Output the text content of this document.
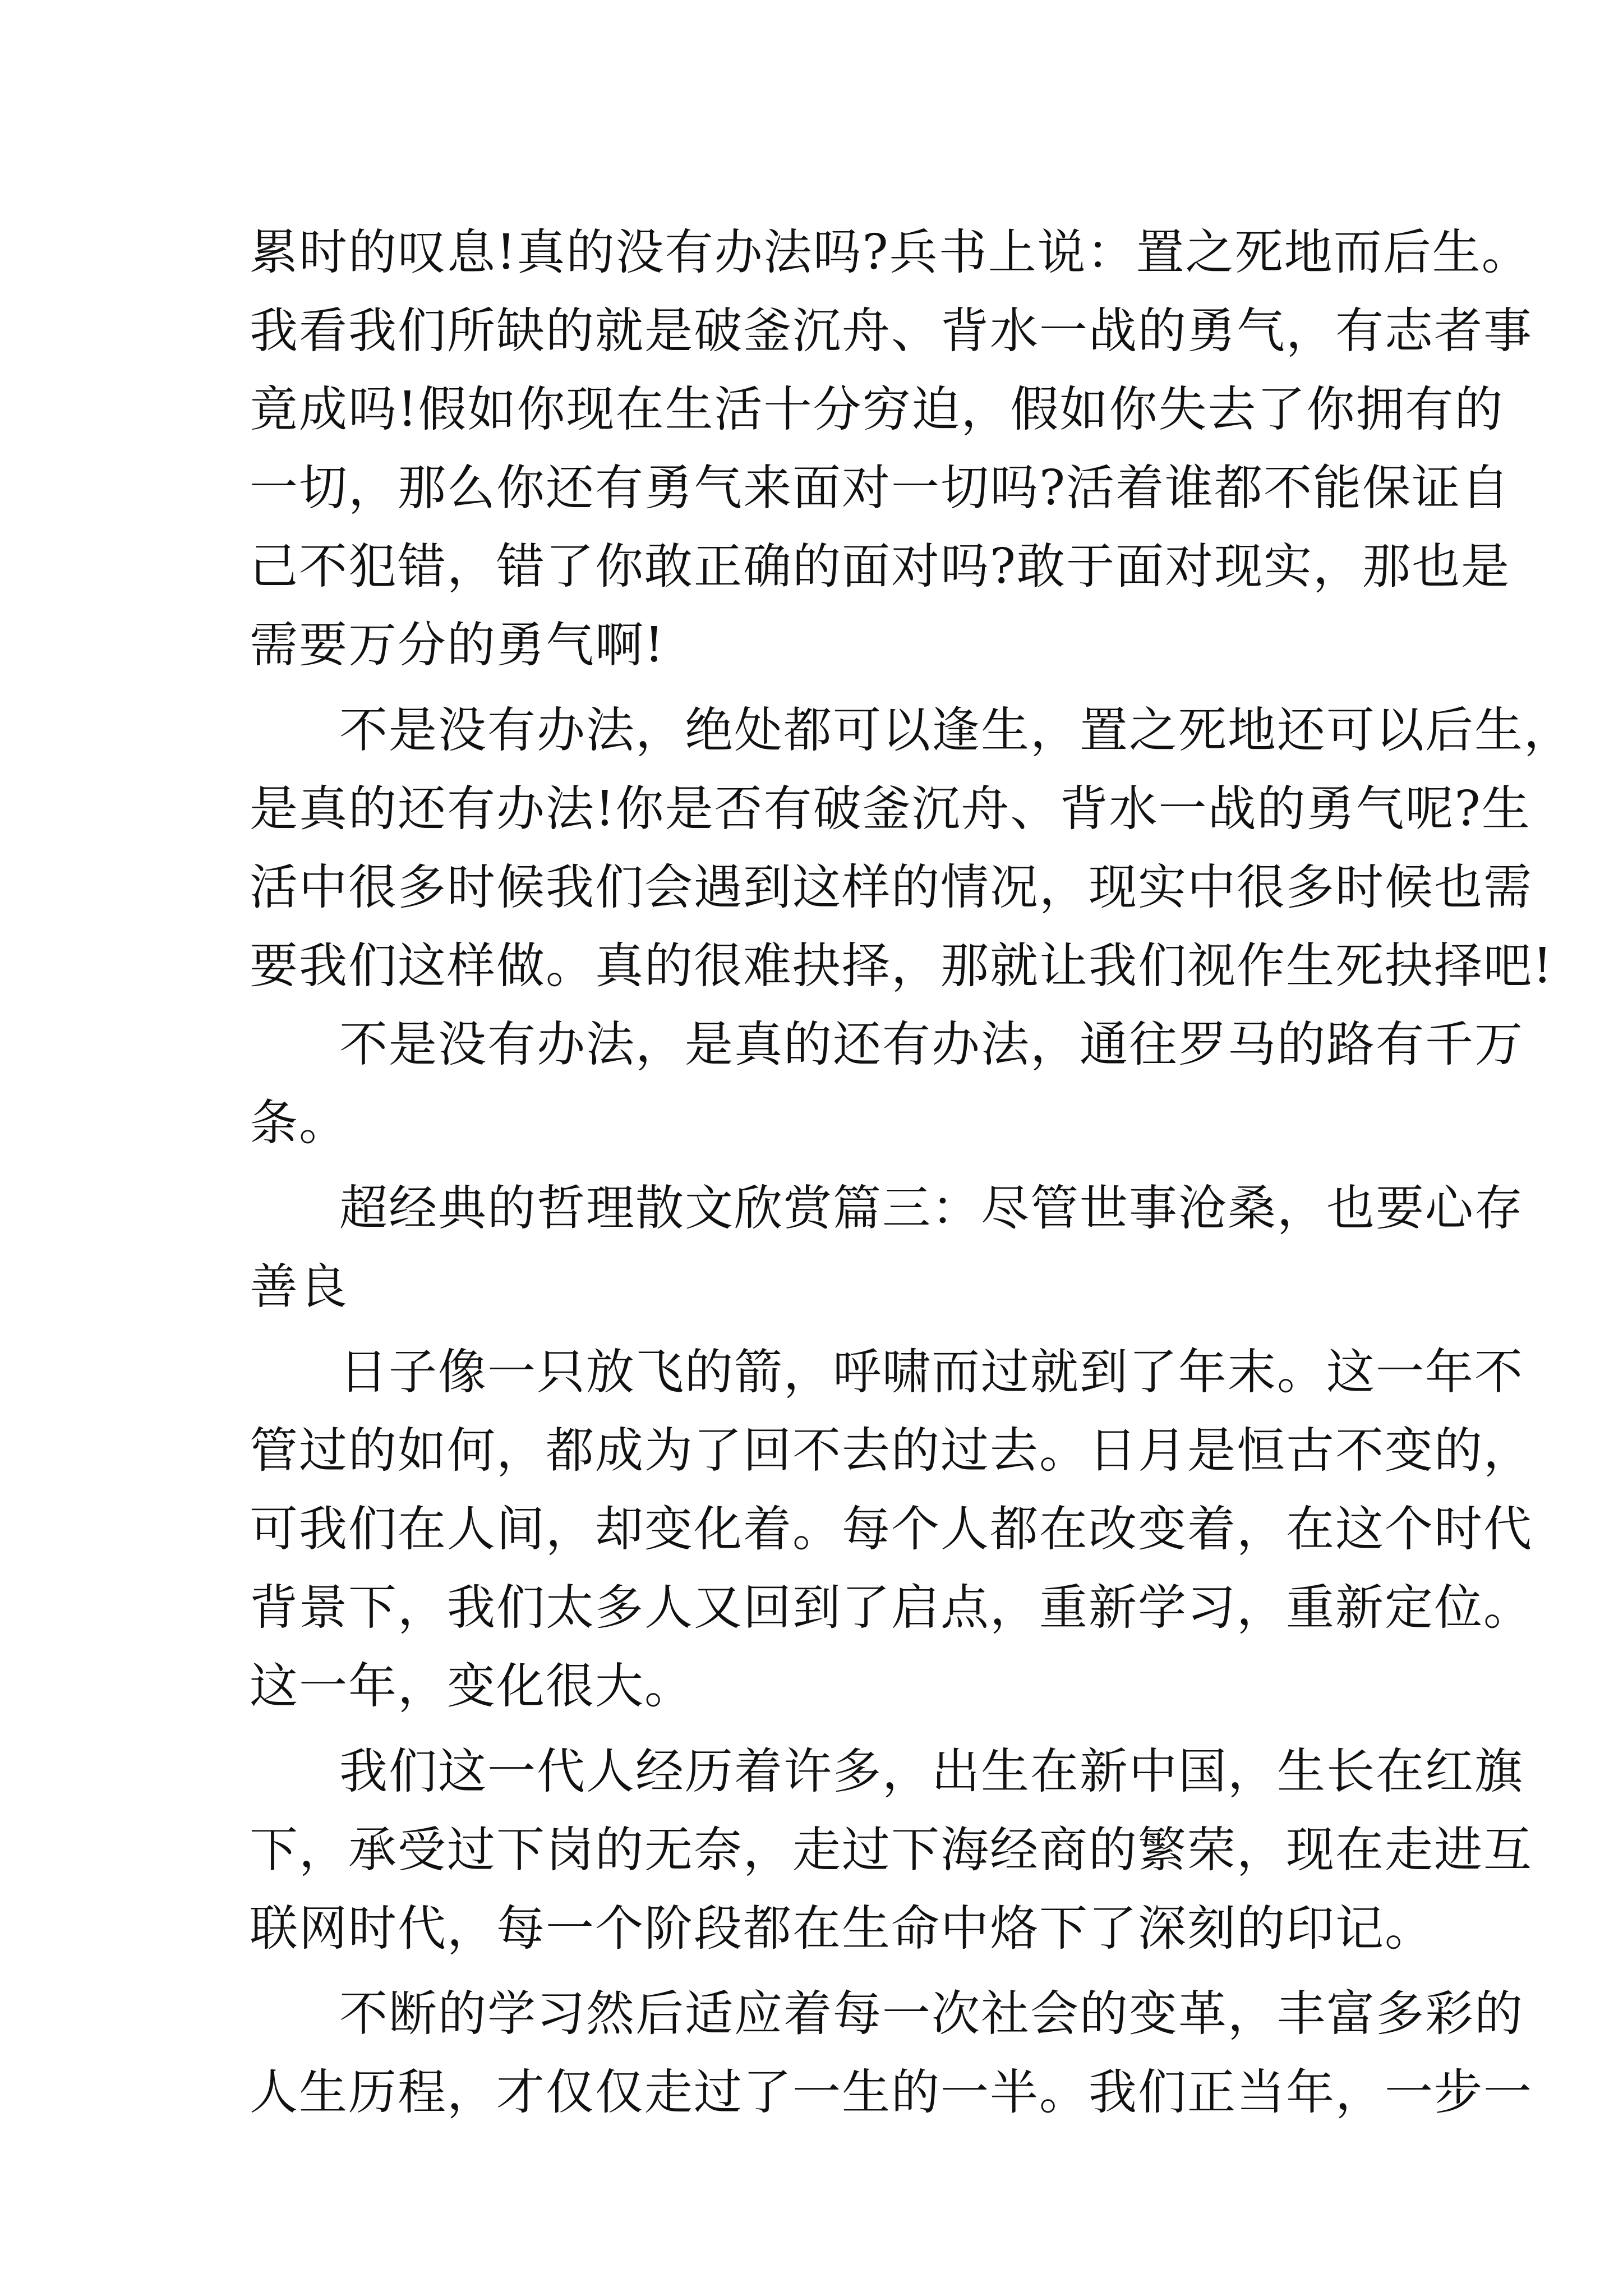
累时的叹息!真的没有办法吗?兵书上说：置之死地而后生。
我看我们所缺的就是破釜沉舟、背水一战的勇气，有志者事
竟成吗!假如你现在生活十分穷迫，假如你失去了你拥有的
一切，那么你还有勇气来面对一切吗?活着谁都不能保证自
己不犯错，错了你敢正确的面对吗?敢于面对现实，那也是
需要万分的勇气啊!
不是没有办法，绝处都可以逢生，置之死地还可以后生，
是真的还有办法!你是否有破釜沉舟、背水一战的勇气呢?生
活中很多时候我们会遇到这样的情况，现实中很多时候也需
要我们这样做。真的很难抉择，那就让我们视作生死抉择吧!
不是没有办法，是真的还有办法，通往罗马的路有千万
条。
超经典的哲理散文欣赏篇三：尽管世事沧桑，也要心存
善良
日子像一只放飞的箭，呼啸而过就到了年末。这一年不
管过的如何，都成为了回不去的过去。日月是恒古不变的，
可我们在人间，却变化着。每个人都在改变着，在这个时代
背景下，我们太多人又回到了启点，重新学习，重新定位。
这一年，变化很大。
我们这一代人经历着许多，出生在新中国，生长在红旗
下，承受过下岗的无奈，走过下海经商的繁荣，现在走进互
联网时代，每一个阶段都在生命中烙下了深刻的印记。
不断的学习然后适应着每一次社会的变革，丰富多彩的
人生历程，才仅仅走过了一生的一半。我们正当年，一步一
